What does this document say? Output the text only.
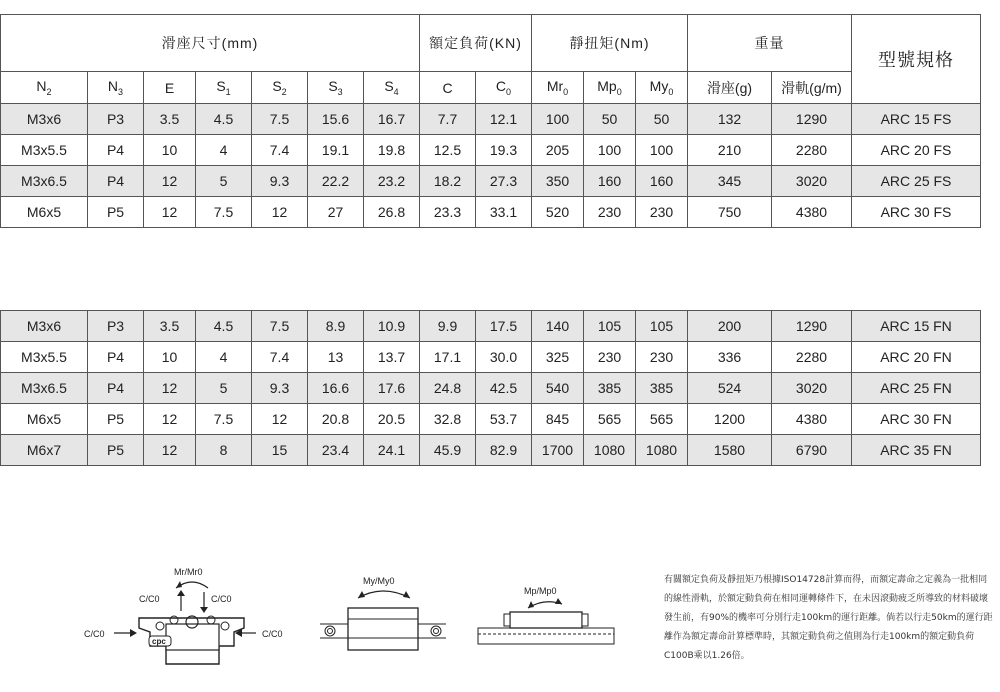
滑座尺寸(mm)							額定負荷(KN)		靜扭矩(Nm)			重量		型號規格
$N_2$	$N_3$	E	$S_1$	$S_2$	$S_3$	$S_4$	C	$C_0$	$Mr_0$	$Mp_0$	$My_0$	滑座(g)	滑軌(g/m)	
M3x6	P3	3.5	4.5	7.5	15.6	16.7	7.7	12.1	100	50	50	132	1290	ARC 15 FS
M3x5.5	P4	10	4	7.4	19.1	19.8	12.5	19.3	205	100	100	210	2280	ARC 20 FS
M3x6.5	P4	12	5	9.3	22.2	23.2	18.2	27.3	350	160	160	345	3020	ARC 25 FS
M6x5	P5	12	7.5	12	27	26.8	23.3	33.1	520	230	230	750	4380	ARC 30 FS
M3x6	P3	3.5	4.5	7.5	8.9	10.9	9.9	17.5	140	105	105	200	1290	ARC 15 FN
M3x5.5	P4	10	4	7.4	13	13.7	17.1	30.0	325	230	230	336	2280	ARC 20 FN
M3x6.5	P4	12	5	9.3	16.6	17.6	24.8	42.5	540	385	385	524	3020	ARC 25 FN
M6x5	P5	12	7.5	12	20.8	20.5	32.8	53.7	845	565	565	1200	4380	ARC 30 FN
M6x7	P5	12	8	15	23.4	24.1	45.9	82.9	1700	1080	1080	1580	6790	ARC 35 FN
Mr/Mr0
C/C0	C/C0
C/C0	C/C0
cpc
My/My0
Mp/Mp0
有關額定負荷及靜扭矩乃根據ISO14728計算而得，而額定壽命之定義為一批相同的線性滑軌，於額定動負荷在相同運轉條件下，在未因滾動疲乏所導致的材料破壞發生前，有90%的機率可分別行走100km的運行距離。倘若以行走50km的運行距離作為額定壽命計算標準時，其額定動負荷之值則為行走100km的額定動負荷C100B乘以1.26倍。
